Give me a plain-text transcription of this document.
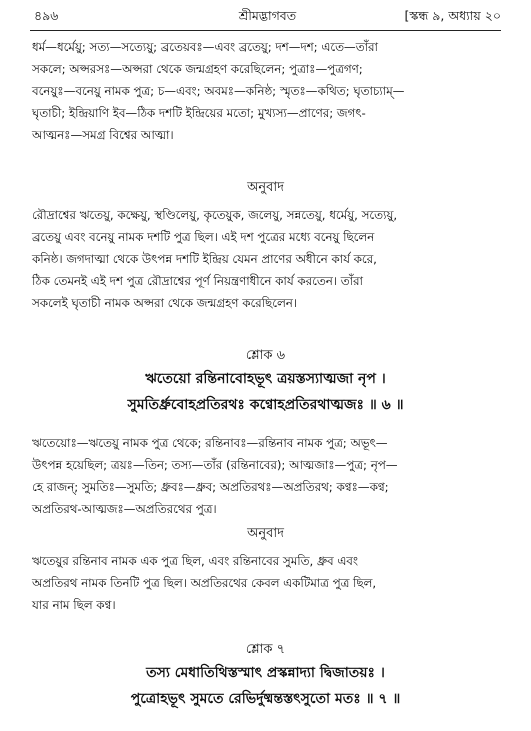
৪৯৬	শ্রীমদ্ভাগবত	[স্কন্ধ ৯, অধ্যায় ২০

ধর্ম—ধর্মেয়ু; সত্য—সত্যেয়ু; ব্রতেয়বঃ—এবং ব্রতেয়ু; দশ—দশ; এতে—তাঁরা

সকলে; অপ্সরসঃ—অপ্সরা থেকে জন্মগ্রহণ করেছিলেন; পুত্রাঃ—পুত্রগণ;

বনেয়ুঃ—বনেয়ু নামক পুত্র; চ—এবং; অবমঃ—কনিষ্ঠ; স্মৃতঃ—কথিত; ঘৃতাচ্যাম্—

ঘৃতাচী; ইন্দ্রিয়াণি ইব—ঠিক দশটি ইন্দ্রিয়ের মতো; মুখ্যস্য—প্রাণের; জগৎ-

আত্মনঃ—সমগ্র বিশ্বের আত্মা।

অনুবাদ

রৌদ্রাশ্বের ঋতেয়ু, কক্ষেয়ু, স্থণ্ডিলেয়ু, কৃতেয়ুক, জলেয়ু, সন্নতেয়ু, ধর্মেয়ু, সত্যেয়ু,

ব্রতেয়ু এবং বনেয়ু নামক দশটি পুত্র ছিল। এই দশ পুত্রের মধ্যে বনেয়ু ছিলেন

কনিষ্ঠ। জগদাত্মা থেকে উৎপন্ন দশটি ইন্দ্রিয় যেমন প্রাণের অধীনে কার্য করে,

ঠিক তেমনই এই দশ পুত্র রৌদ্রাশ্বের পূর্ণ নিয়ন্ত্রণাধীনে কার্য করতেন। তাঁরা

সকলেই ঘৃতাচী নামক অপ্সরা থেকে জন্মগ্রহণ করেছিলেন।

শ্লোক ৬
ঋতেয়ো রন্তিনাবোহভূৎ ত্রয়স্তস্যাত্মজা নৃপ ।
সুমতির্ধ্রুবোহপ্রতিরথঃ কণ্বোহপ্রতিরথাত্মজঃ ॥ ৬ ॥

ঋতেয়োঃ—ঋতেয়ু নামক পুত্র থেকে; রন্তিনাবঃ—রন্তিনাব নামক পুত্র; অভূৎ—

উৎপন্ন হয়েছিল; ত্রয়ঃ—তিন; তস্য—তাঁর (রন্তিনাবের); আত্মজাঃ—পুত্র; নৃপ—

হে রাজন্; সুমতিঃ—সুমতি; ধ্রুবঃ—ধ্রুব; অপ্রতিরথঃ—অপ্রতিরথ; কণ্বঃ—কণ্ব;

অপ্রতিরথ-আত্মজঃ—অপ্রতিরথের পুত্র।

অনুবাদ

ঋতেয়ুর রন্তিনাব নামক এক পুত্র ছিল, এবং রন্তিনাবের সুমতি, ধ্রুব এবং

অপ্রতিরথ নামক তিনটি পুত্র ছিল। অপ্রতিরথের কেবল একটিমাত্র পুত্র ছিল,

যার নাম ছিল কণ্ব।

শ্লোক ৭
তস্য মেধাতিথিস্তস্মাৎ প্রস্কন্নাদ্যা দ্বিজাতয়ঃ ।
পুত্রোহভূৎ সুমতে রেভির্দুষ্মন্তস্তৎসুতো মতঃ ॥ ৭ ॥
